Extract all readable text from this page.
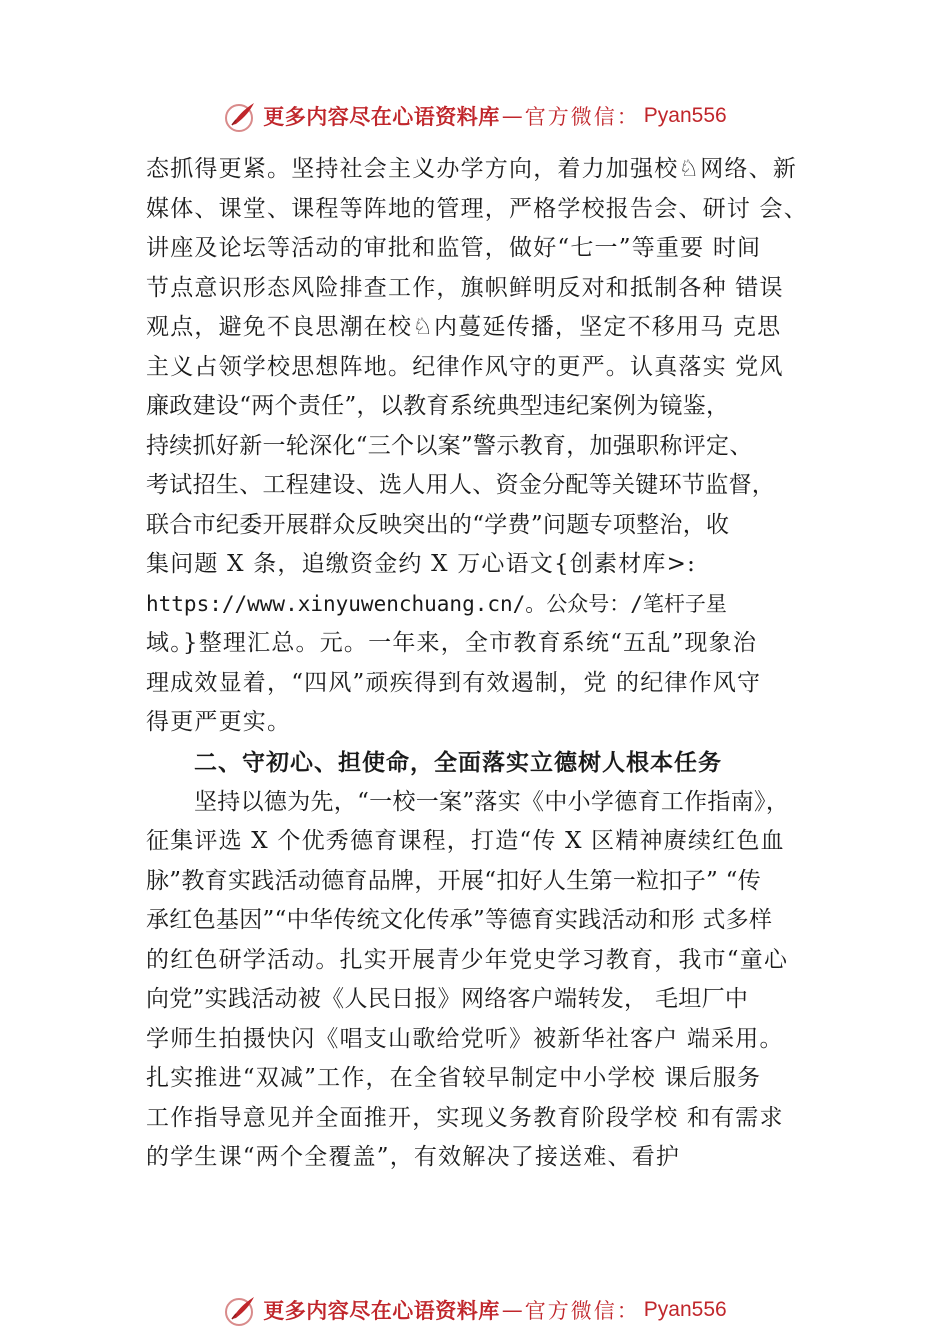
更多内容尽在心语资料库 — 官方微信： Pyan556
态抓得更紧。坚持社会主义办学方向，着力加强校♘网络、新
媒体、课堂、课程等阵地的管理，严格学校报告会、研讨 会、
讲座及论坛等活动的审批和监管，做好“七一”等重要 时间
节点意识形态风险排查工作，旗帜鲜明反对和抵制各种 错误
观点，避免不良思潮在校♘内蔓延传播，坚定不移用马 克思
主义占领学校思想阵地。纪律作风守的更严。认真落实 党风
廉政建设“两个责任”，以教育系统典型违纪案例为镜鉴，
持续抓好新一轮深化“三个以案”警示教育，加强职称评定、
考试招生、工程建设、选人用人、资金分配等关键环节监督，
联合市纪委开展群众反映突出的“学费”问题专项整治，收
集问题 X 条，追缴资金约 X 万心语文{创素材库>:
https://www.xinyuwenchuang.cn/。公众号：/笔杆子星
域。}整理汇总。元。一年来，全市教育系统“五乱”现象治
理成效显着，“四风”顽疾得到有效遏制，党 的纪律作风守
得更严更实。
二、守初心、担使命，全面落实立德树人根本任务
坚持以德为先，“一校一案”落实《中小学德育工作指南》，
征集评选 X 个优秀德育课程，打造“传 X 区精神赓续红色血
脉”教育实践活动德育品牌，开展“扣好人生第一粒扣子” “传
承红色基因”“中华传统文化传承”等德育实践活动和形 式多样
的红色研学活动。扎实开展青少年党史学习教育，我市“童心
向党”实践活动被《人民日报》网络客户端转发， 毛坦厂中
学师生拍摄快闪《唱支山歌给党听》被新华社客户 端采用。
扎实推进“双减”工作，在全省较早制定中小学校 课后服务
工作指导意见并全面推开，实现义务教育阶段学校 和有需求
的学生课“两个全覆盖”，有效解决了接送难、看护
更多内容尽在心语资料库 — 官方微信： Pyan556
